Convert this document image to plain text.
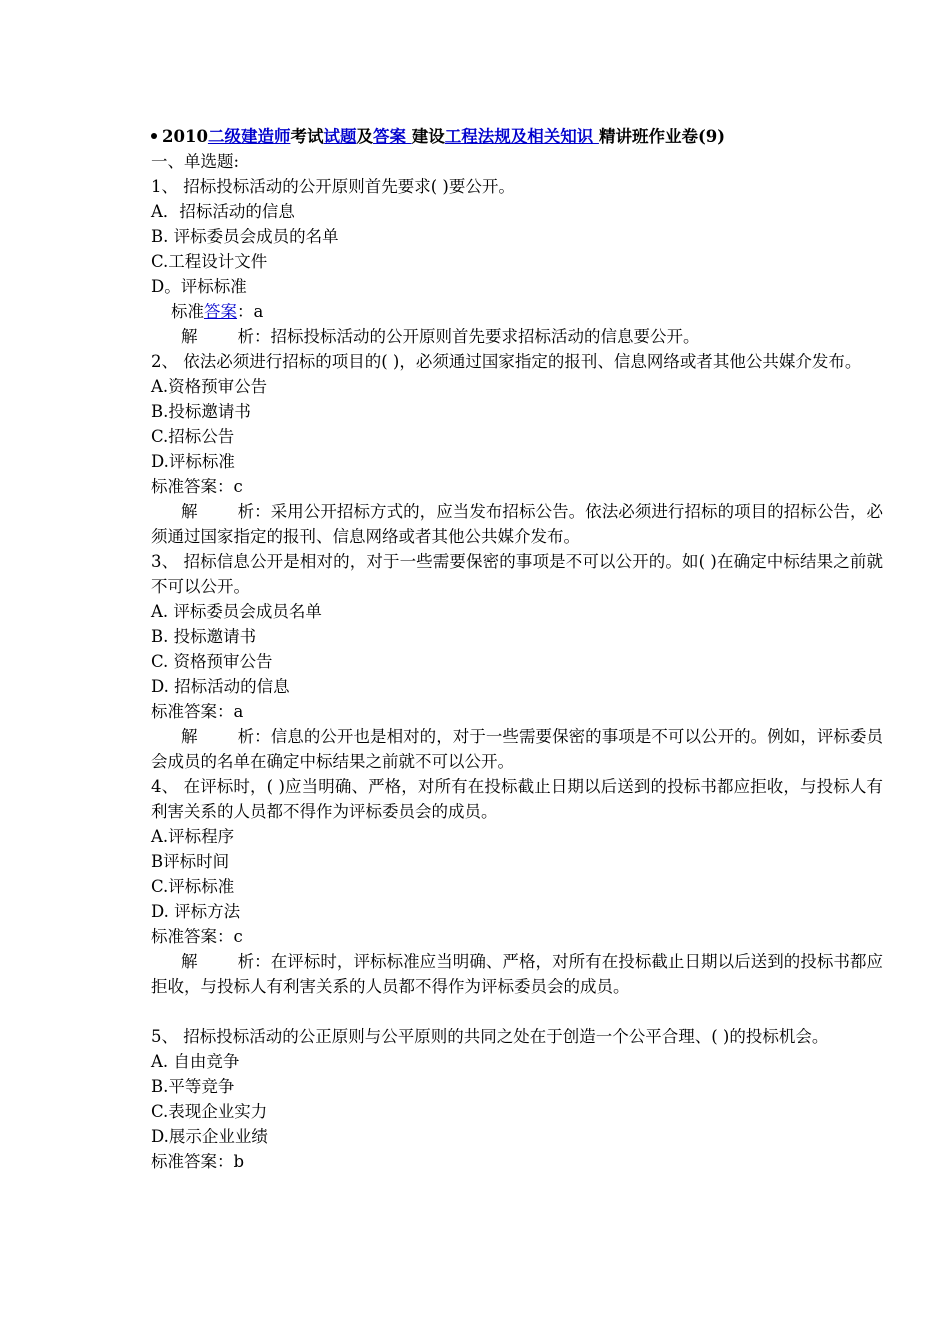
2010二级建造师考试试题及答案 建设工程法规及相关知识 精讲班作业卷(9)
一、单选题:
1、 招标投标活动的公开原则首先要求( )要公开。
A．招标活动的信息
B. 评标委员会成员的名单
C.工程设计文件
D。评标标准
标准答案：a
解 析：招标投标活动的公开原则首先要求招标活动的信息要公开。
2、 依法必须进行招标的项目的( )，必须通过国家指定的报刊、信息网络或者其他公共媒介发布。
A.资格预审公告
B.投标邀请书
C.招标公告
D.评标标准
标准答案：c
解 析：采用公开招标方式的，应当发布招标公告。依法必须进行招标的项目的招标公告，必须通过国家指定的报刊、信息网络或者其他公共媒介发布。
3、 招标信息公开是相对的，对于一些需要保密的事项是不可以公开的。如( )在确定中标结果之前就不可以公开。
A. 评标委员会成员名单
B. 投标邀请书
C. 资格预审公告
D. 招标活动的信息
标准答案：a
解 析：信息的公开也是相对的，对于一些需要保密的事项是不可以公开的。例如，评标委员会成员的名单在确定中标结果之前就不可以公开。
4、 在评标时，( )应当明确、严格，对所有在投标截止日期以后送到的投标书都应拒收，与投标人有利害关系的人员都不得作为评标委员会的成员。
A.评标程序
B评标时间
C.评标标准
D. 评标方法
标准答案：c
解 析：在评标时，评标标准应当明确、严格，对所有在投标截止日期以后送到的投标书都应拒收，与投标人有利害关系的人员都不得作为评标委员会的成员。
5、 招标投标活动的公正原则与公平原则的共同之处在于创造一个公平合理、( )的投标机会。
A. 自由竞争
B.平等竞争
C.表现企业实力
D.展示企业业绩
标准答案：b
